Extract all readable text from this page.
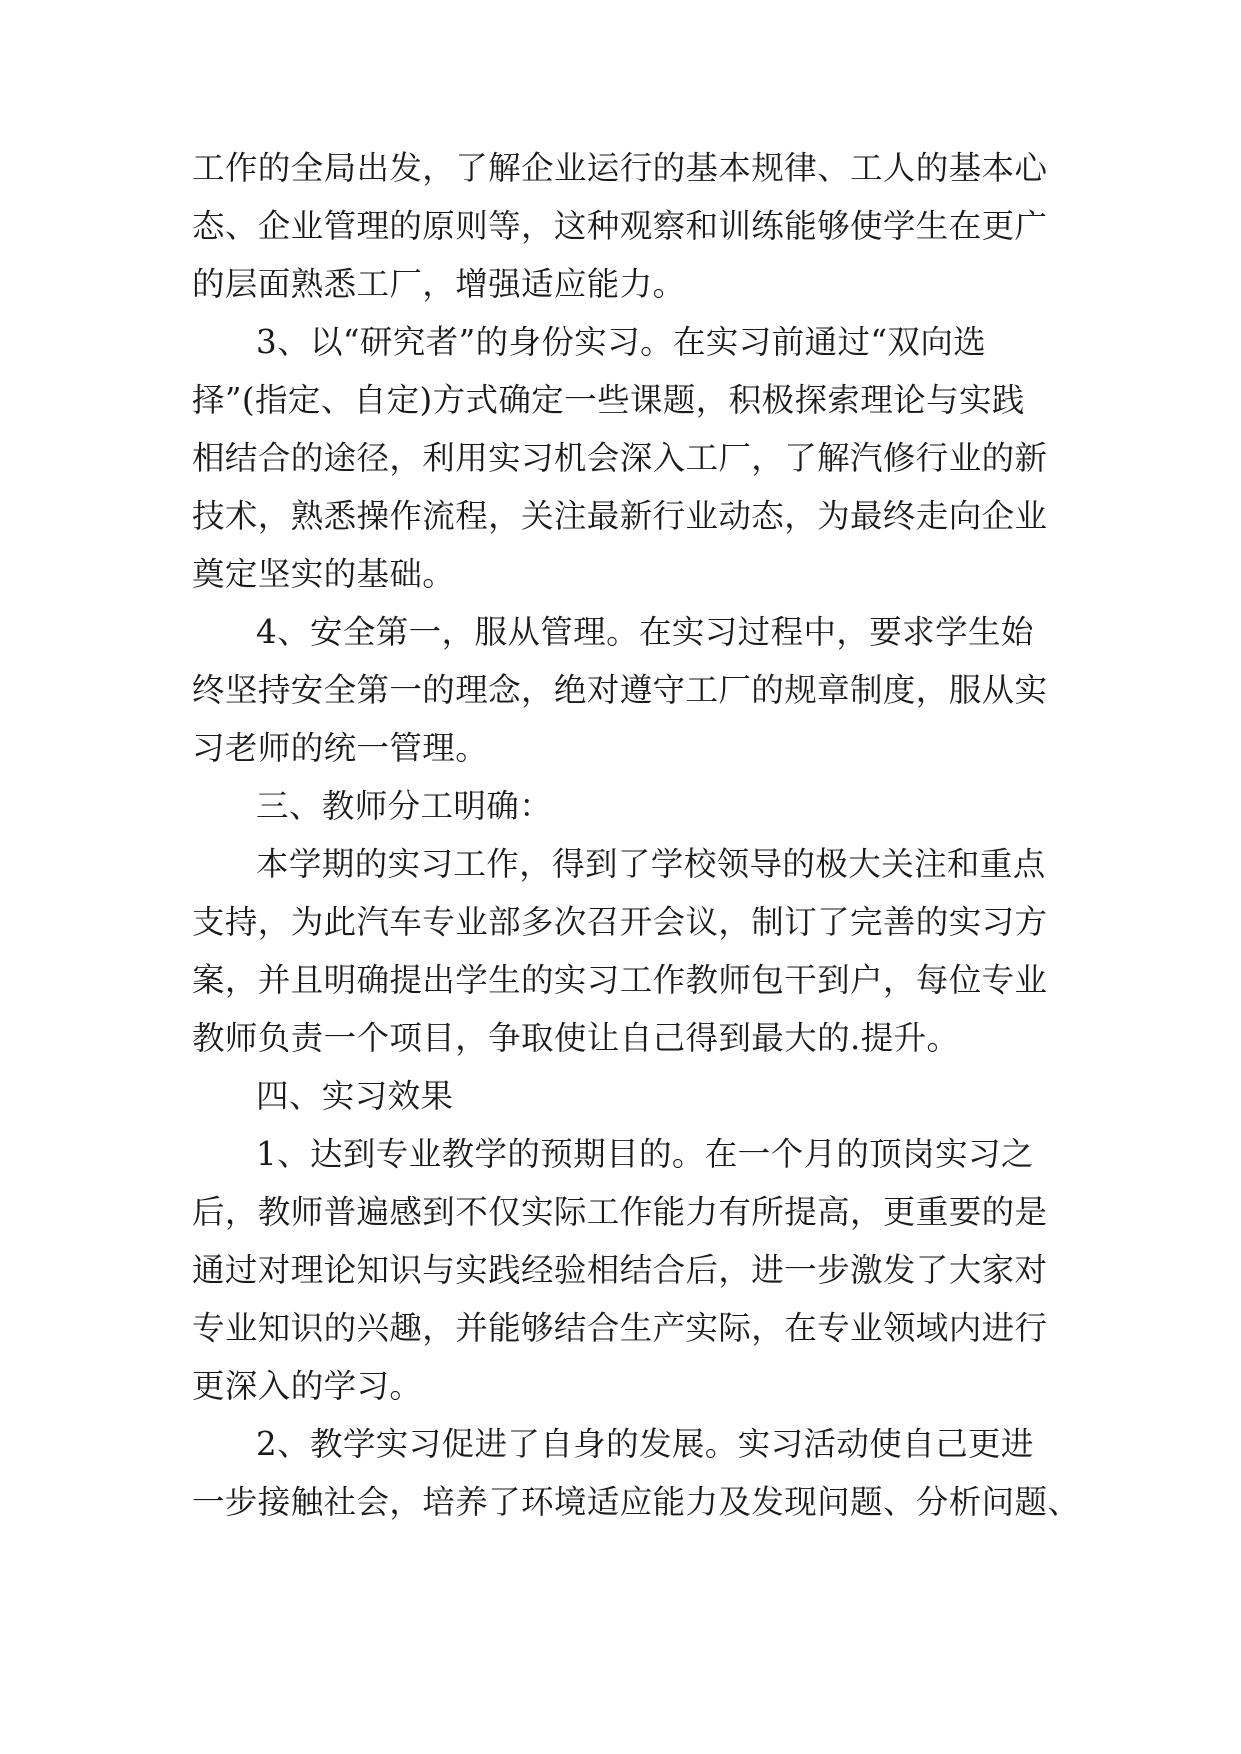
工作的全局出发，了解企业运行的基本规律、工人的基本心
态、企业管理的原则等，这种观察和训练能够使学生在更广
的层面熟悉工厂，增强适应能力。
3、以“研究者”的身份实习。在实习前通过“双向选
择”(指定、自定)方式确定一些课题，积极探索理论与实践
相结合的途径，利用实习机会深入工厂，了解汽修行业的新
技术，熟悉操作流程，关注最新行业动态，为最终走向企业
奠定坚实的基础。
4、安全第一，服从管理。在实习过程中，要求学生始
终坚持安全第一的理念，绝对遵守工厂的规章制度，服从实
习老师的统一管理。
三、教师分工明确：
本学期的实习工作，得到了学校领导的极大关注和重点
支持，为此汽车专业部多次召开会议，制订了完善的实习方
案，并且明确提出学生的实习工作教师包干到户，每位专业
教师负责一个项目，争取使让自己得到最大的.提升。
四、实习效果
1、达到专业教学的预期目的。在一个月的顶岗实习之
后，教师普遍感到不仅实际工作能力有所提高，更重要的是
通过对理论知识与实践经验相结合后，进一步激发了大家对
专业知识的兴趣，并能够结合生产实际，在专业领域内进行
更深入的学习。
2、教学实习促进了自身的发展。实习活动使自己更进
一步接触社会，培养了环境适应能力及发现问题、分析问题、
